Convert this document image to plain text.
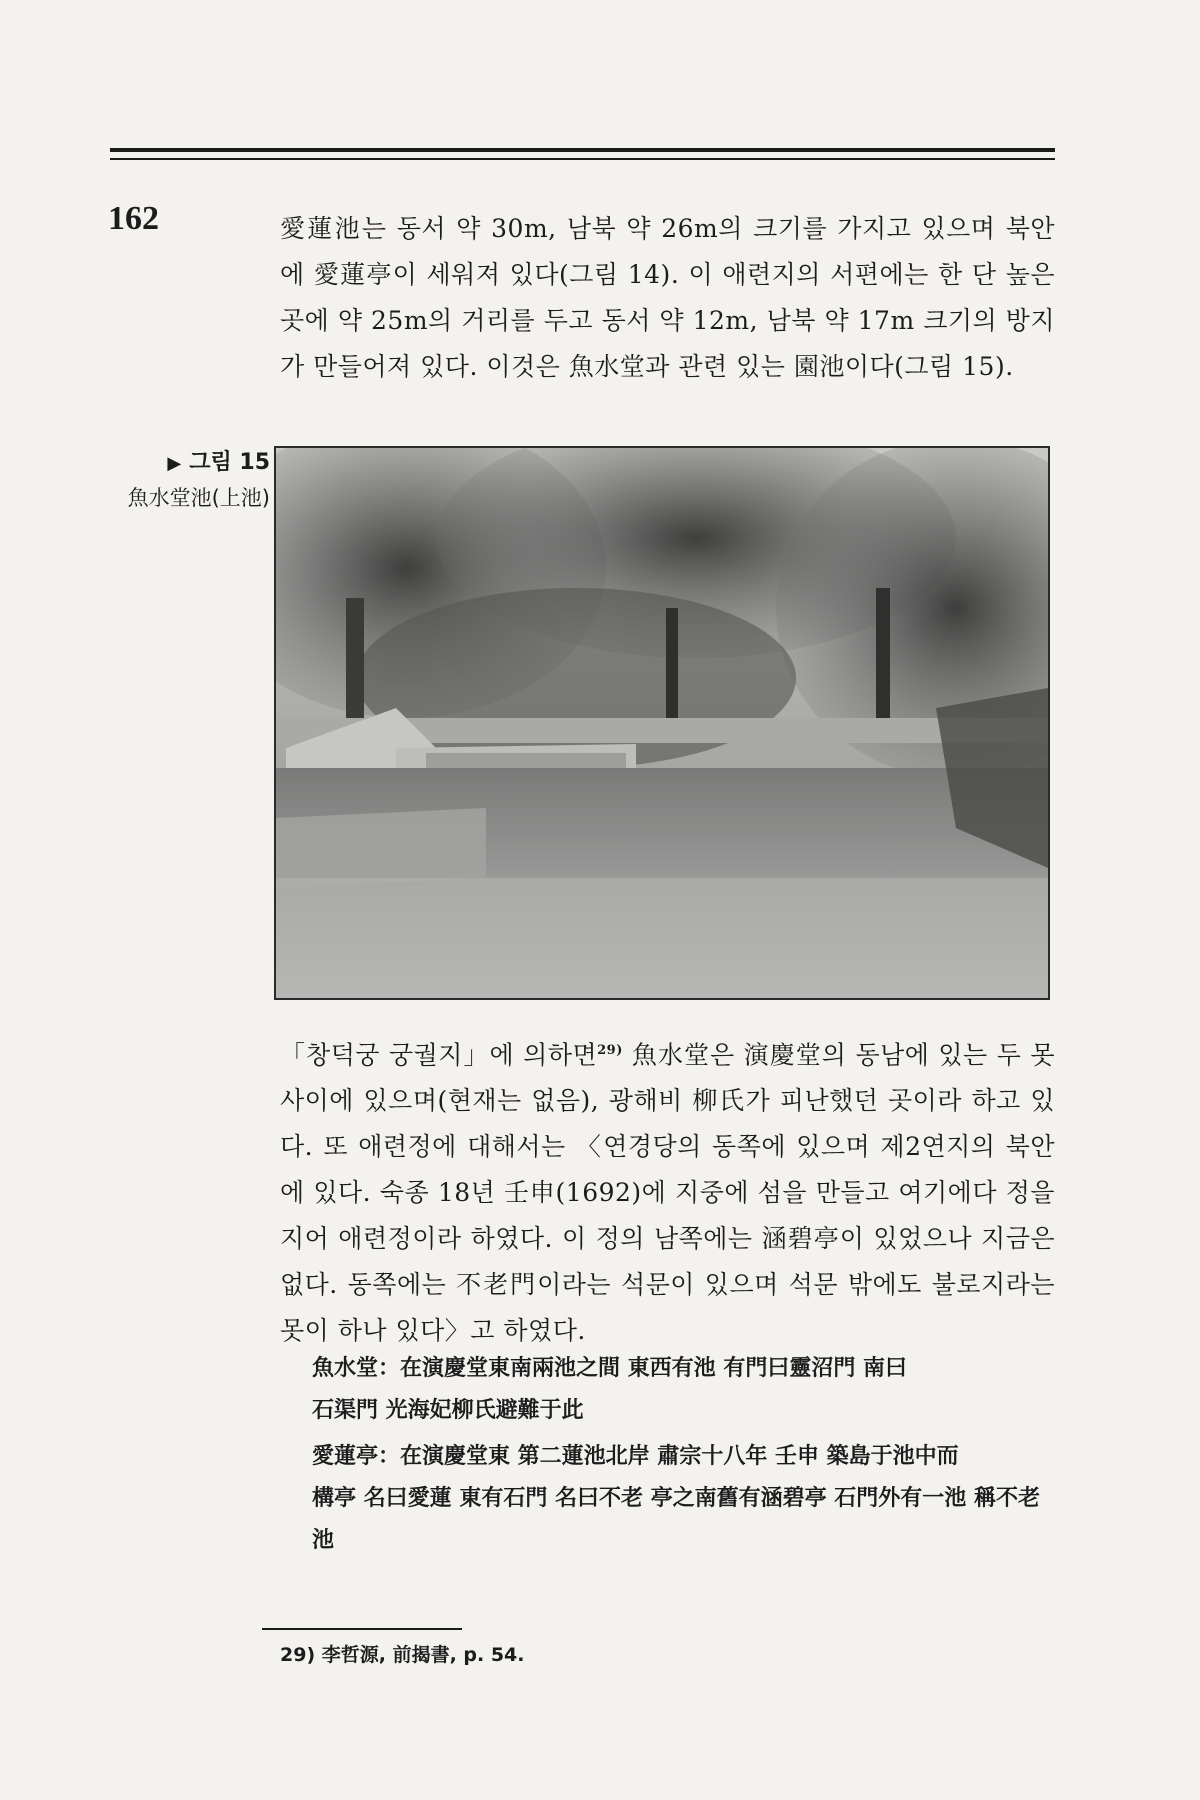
162	愛蓮池는 동서 약 30m, 남북 약 26m의 크기를 가지고 있으며 북안에 愛蓮亭이 세워져 있다(그림 14). 이 애련지의 서편에는 한 단 높은 곳에 약 25m의 거리를 두고 동서 약 12m, 남북 약 17m 크기의 방지가 만들어져 있다. 이것은 魚水堂과 관련 있는 園池이다(그림 15).

▶ 그림 15
魚水堂池(上池)

「창덕궁 궁궐지」에 의하면$^{29)}$ 魚水堂은 演慶堂의 동남에 있는 두 못 사이에 있으며(현재는 없음), 광해비 柳氏가 피난했던 곳이라 하고 있다. 또 애련정에 대해서는 〈연경당의 동쪽에 있으며 제2연지의 북안에 있다. 숙종 18년 壬申(1692)에 지중에 섬을 만들고 여기에다 정을 지어 애련정이라 하였다. 이 정의 남쪽에는 涵碧亭이 있었으나 지금은 없다. 동쪽에는 不老門이라는 석문이 있으며 석문 밖에도 불로지라는 못이 하나 있다〉고 하였다.

魚水堂：在演慶堂東南兩池之間 東西有池 有門曰靈沼門 南曰
石渠門 光海妃柳氏避難于此

愛蓮亭：在演慶堂東 第二蓮池北岸 肅宗十八年 壬申 築島于池中而
構亭 名曰愛蓮 東有石門 名曰不老 亭之南舊有涵碧亭 石門外有一池 稱不老池

29) 李哲源, 前揭書, p. 54.
